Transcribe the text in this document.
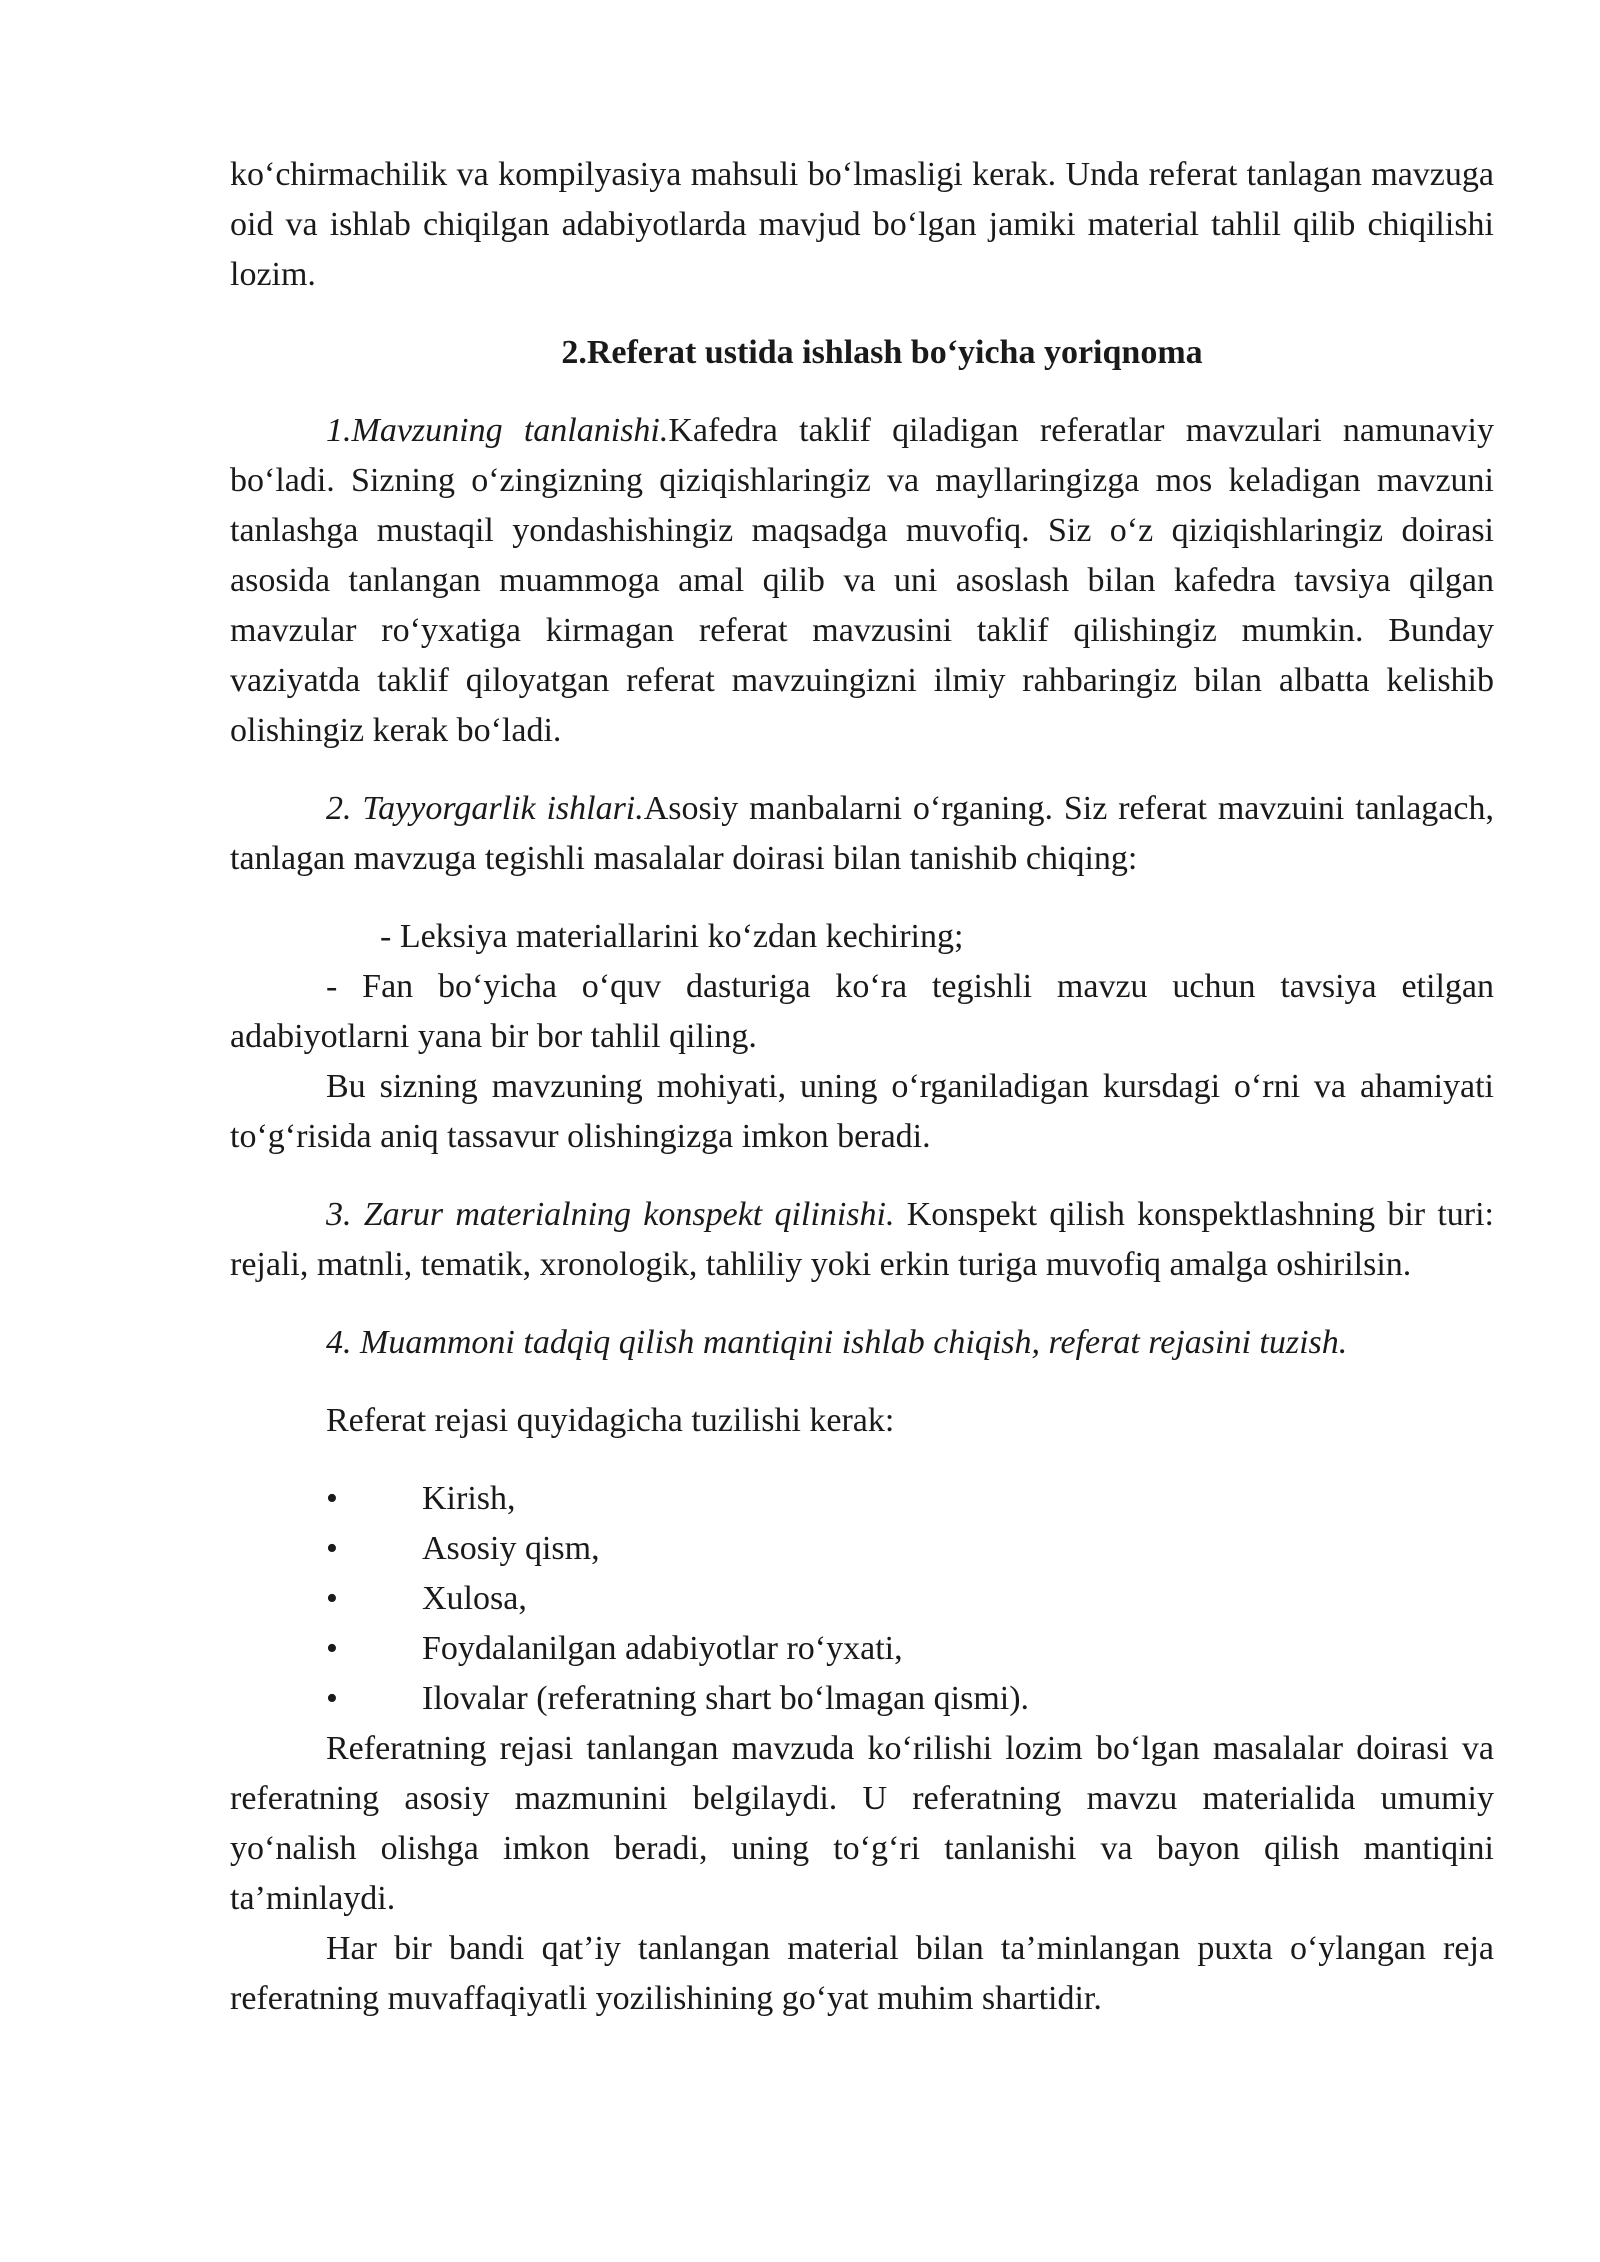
ko‘chirmachilik va kompilyasiya mahsuli bo‘lmasligi kerak. Unda referat tanlagan mavzuga oid va ishlab chiqilgan adabiyotlarda mavjud bo‘lgan jamiki material tahlil qilib chiqilishi lozim.

2.Referat ustida ishlash bo‘yicha yoriqnoma

1.Mavzuning tanlanishi.Kafedra taklif qiladigan referatlar mavzulari namunaviy bo‘ladi. Sizning o‘zingizning qiziqishlaringiz va mayllaringizga mos keladigan mavzuni tanlashga mustaqil yondashishingiz maqsadga muvofiq. Siz o‘z qiziqishlaringiz doirasi asosida tanlangan muammoga amal qilib va uni asoslash bilan kafedra tavsiya qilgan mavzular ro‘yxatiga kirmagan referat mavzusini taklif qilishingiz mumkin. Bunday vaziyatda taklif qiloyatgan referat mavzuingizni ilmiy rahbaringiz bilan albatta kelishib olishingiz kerak bo‘ladi.

2. Tayyorgarlik ishlari.Asosiy manbalarni o‘rganing. Siz referat mavzuini tanlagach, tanlagan mavzuga tegishli masalalar doirasi bilan tanishib chiqing:

- Leksiya materiallarini ko‘zdan kechiring;

- Fan bo‘yicha o‘quv dasturiga ko‘ra tegishli mavzu uchun tavsiya etilgan adabiyotlarni yana bir bor tahlil qiling.

Bu sizning mavzuning mohiyati, uning o‘rganiladigan kursdagi o‘rni va ahamiyati to‘g‘risida aniq tassavur olishingizga imkon beradi.

3. Zarur materialning konspekt qilinishi. Konspekt qilish konspektlashning bir turi: rejali, matnli, tematik, xronologik, tahliliy yoki erkin turiga muvofiq amalga oshirilsin.

4. Muammoni tadqiq qilish mantiqini ishlab chiqish, referat rejasini tuzish.

Referat rejasi quyidagicha tuzilishi kerak:

• Kirish,
• Asosiy qism,
• Xulosa,
• Foydalanilgan adabiyotlar ro‘yxati,
• Ilovalar (referatning shart bo‘lmagan qismi).

Referatning rejasi tanlangan mavzuda ko‘rilishi lozim bo‘lgan masalalar doirasi va referatning asosiy mazmunini belgilaydi. U referatning mavzu materialida umumiy yo‘nalish olishga imkon beradi, uning to‘g‘ri tanlanishi va bayon qilish mantiqini ta’minlaydi.

Har bir bandi qat’iy tanlangan material bilan ta’minlangan puxta o‘ylangan reja referatning muvaffaqiyatli yozilishining go‘yat muhim shartidir.
